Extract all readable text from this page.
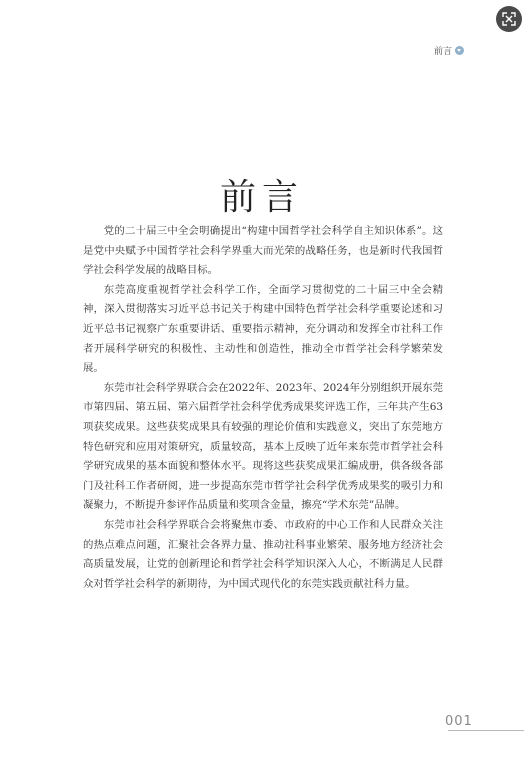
前言
前言

党的二十届三中全会明确提出“构建中国哲学社会科学自主知识体系”。这是党中央赋予中国哲学社会科学界重大而光荣的战略任务，也是新时代我国哲学社会科学发展的战略目标。

东莞高度重视哲学社会科学工作，全面学习贯彻党的二十届三中全会精神，深入贯彻落实习近平总书记关于构建中国特色哲学社会科学重要论述和习近平总书记视察广东重要讲话、重要指示精神，充分调动和发挥全市社科工作者开展科学研究的积极性、主动性和创造性，推动全市哲学社会科学繁荣发展。

东莞市社会科学界联合会在2022年、2023年、2024年分别组织开展东莞市第四届、第五届、第六届哲学社会科学优秀成果奖评选工作，三年共产生63项获奖成果。这些获奖成果具有较强的理论价值和实践意义，突出了东莞地方特色研究和应用对策研究，质量较高，基本上反映了近年来东莞市哲学社会科学研究成果的基本面貌和整体水平。现将这些获奖成果汇编成册，供各级各部门及社科工作者研阅，进一步提高东莞市哲学社会科学优秀成果奖的吸引力和凝聚力，不断提升参评作品质量和奖项含金量，擦亮“学术东莞”品牌。

东莞市社会科学界联合会将聚焦市委、市政府的中心工作和人民群众关注的热点难点问题，汇聚社会各界力量、推动社科事业繁荣、服务地方经济社会高质量发展，让党的创新理论和哲学社会科学知识深入人心，不断满足人民群众对哲学社会科学的新期待，为中国式现代化的东莞实践贡献社科力量。

001
